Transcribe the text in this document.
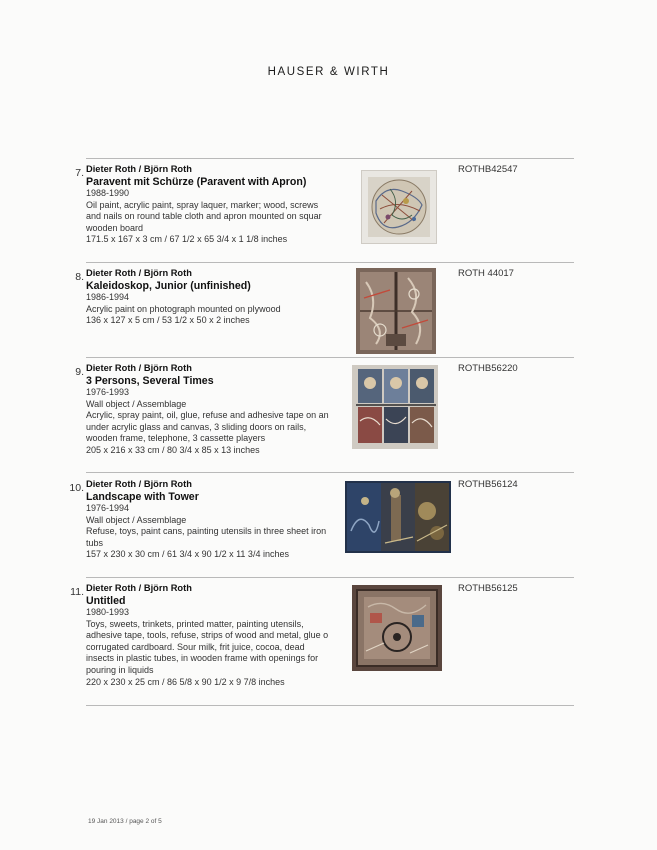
HAUSER & WIRTH
7. Dieter Roth / Björn Roth
Paravent mit Schürze (Paravent with Apron)
1988-1990
Oil paint, acrylic paint, spray laquer, marker; wood, screws
and nails on round table cloth and apron mounted on squar
wooden board
171.5 x 167 x 3 cm / 67 1/2 x 65 3/4 x 1 1/8 inches
ROTHB42547
8. Dieter Roth / Björn Roth
Kaleidoskop, Junior (unfinished)
1986-1994
Acrylic paint on photograph mounted on plywood
136 x 127 x 5 cm / 53 1/2 x 50 x 2 inches
ROTH 44017
9. Dieter Roth / Björn Roth
3 Persons, Several Times
1976-1993
Wall object / Assemblage
Acrylic, spray paint, oil, glue, refuse and adhesive tape on an
under acrylic glass and canvas, 3 sliding doors on rails,
wooden frame, telephone, 3 cassette players
205 x 216 x 33 cm / 80 3/4 x 85 x 13 inches
ROTHB56220
10. Dieter Roth / Björn Roth
Landscape with Tower
1976-1994
Wall object / Assemblage
Refuse, toys, paint cans, painting utensils in three sheet iron
tubs
157 x 230 x 30 cm / 61 3/4 x 90 1/2 x 11 3/4 inches
ROTHB56124
11. Dieter Roth / Björn Roth
Untitled
1980-1993
Toys, sweets, trinkets, printed matter, painting utensils,
adhesive tape, tools, refuse, strips of wood and metal, glue o
corrugated cardboard. Sour milk, frit juice, cocoa, dead
insects in plastic tubes, in wooden frame with openings for
pouring in liquids
220 x 230 x 25 cm / 86 5/8 x 90 1/2 x 9 7/8 inches
ROTHB56125
19 Jan 2013 / page 2 of 5
